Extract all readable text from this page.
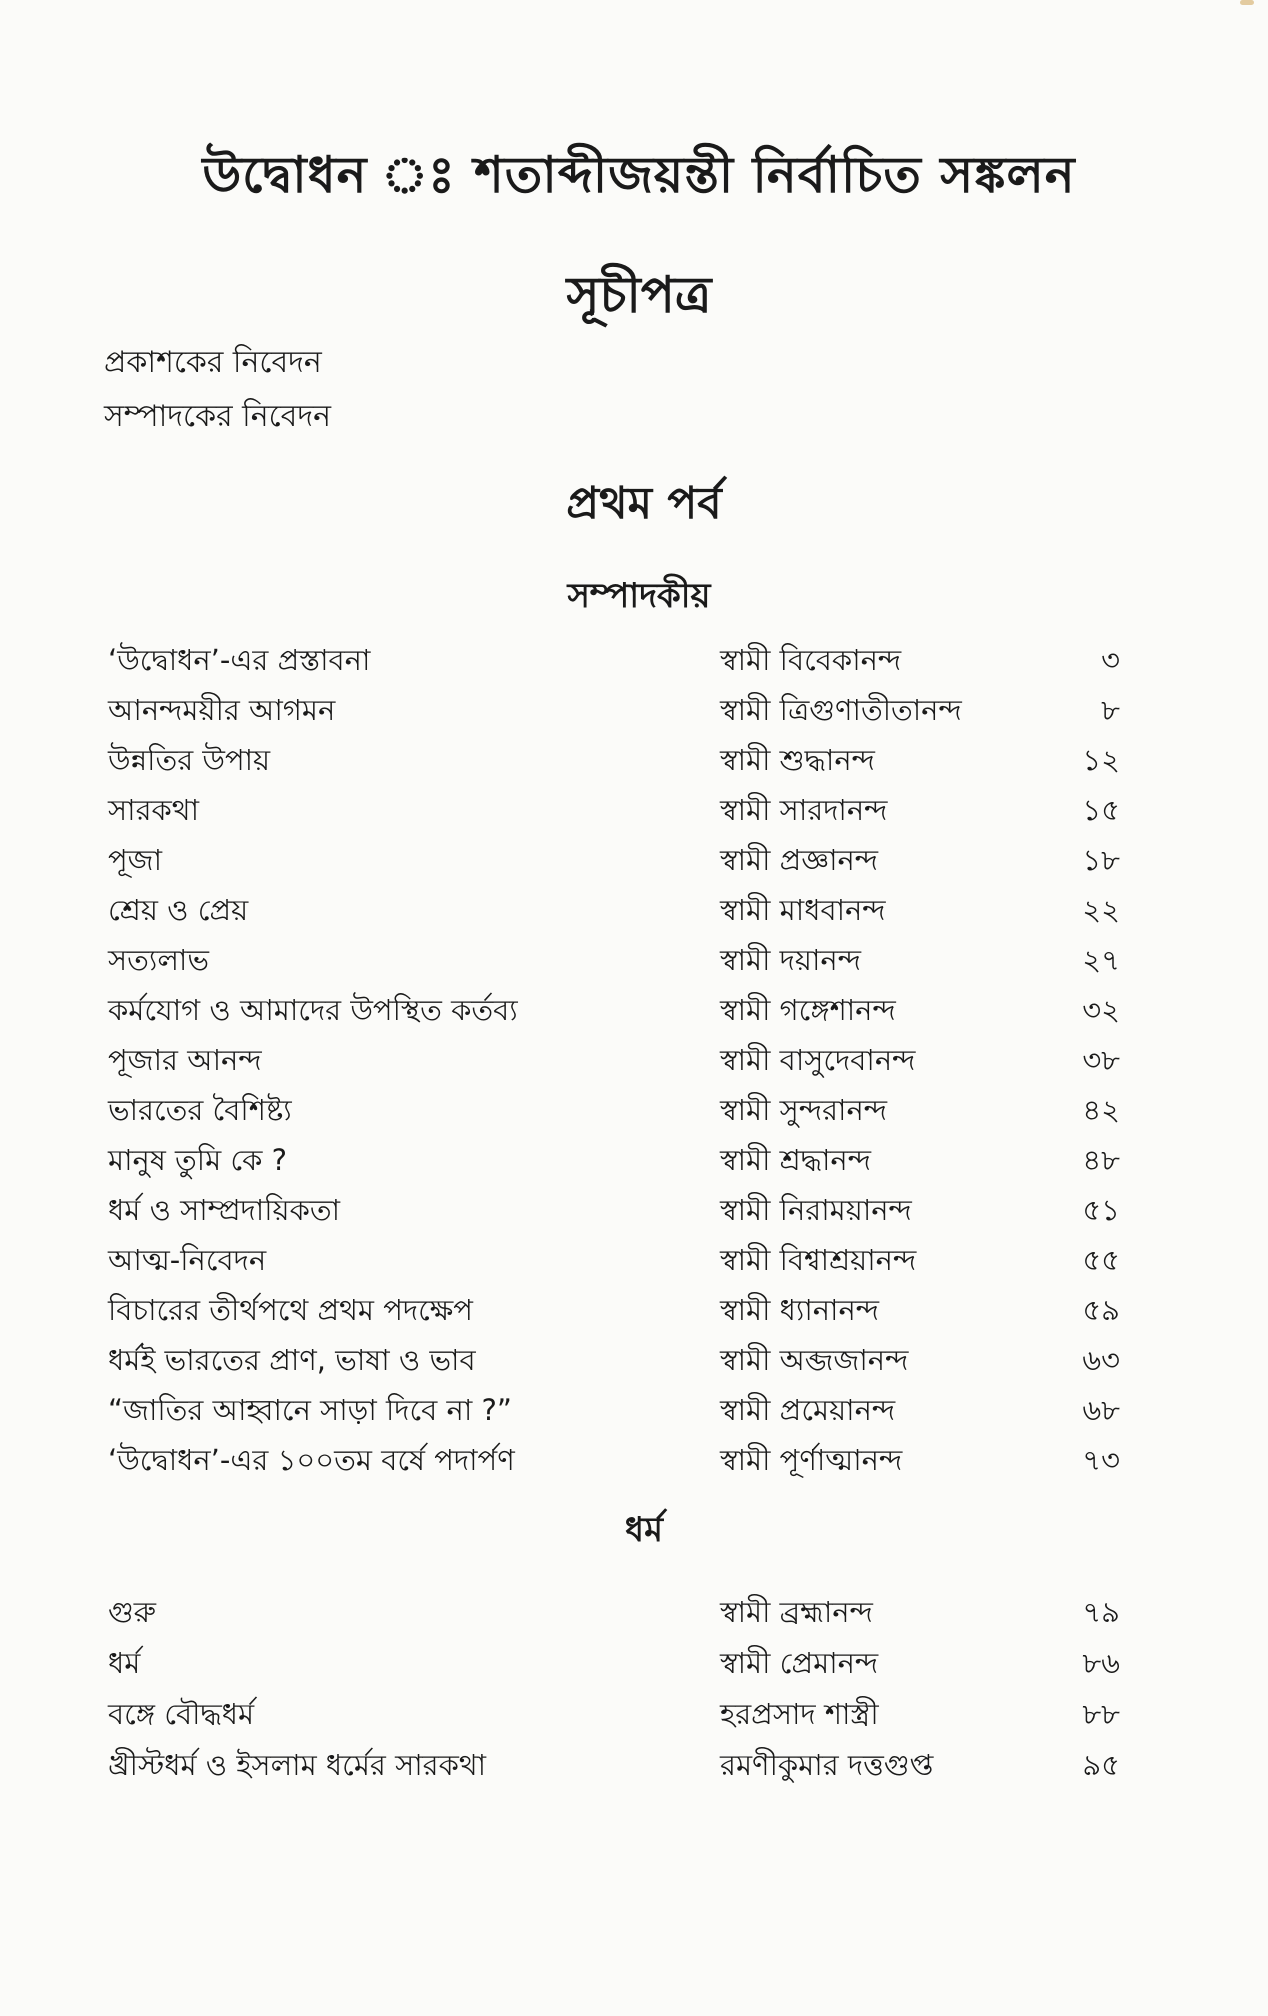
উদ্বোধন ঃ শতাব্দীজয়ন্তী নির্বাচিত সঙ্কলন
সূচীপত্র
প্রকাশকের নিবেদন
সম্পাদকের নিবেদন
প্রথম পর্ব
সম্পাদকীয়
‘উদ্বোধন’-এর প্রস্তাবনা	স্বামী বিবেকানন্দ	৩
আনন্দময়ীর আগমন	স্বামী ত্রিগুণাতীতানন্দ	৮
উন্নতির উপায়	স্বামী শুদ্ধানন্দ	১২
সারকথা	স্বামী সারদানন্দ	১৫
পূজা	স্বামী প্রজ্ঞানন্দ	১৮
শ্রেয় ও প্রেয়	স্বামী মাধবানন্দ	২২
সত্যলাভ	স্বামী দয়ানন্দ	২৭
কর্মযোগ ও আমাদের উপস্থিত কর্তব্য	স্বামী গঙ্গেশানন্দ	৩২
পূজার আনন্দ	স্বামী বাসুদেবানন্দ	৩৮
ভারতের বৈশিষ্ট্য	স্বামী সুন্দরানন্দ	৪২
মানুষ তুমি কে ?	স্বামী শ্রদ্ধানন্দ	৪৮
ধর্ম ও সাম্প্রদায়িকতা	স্বামী নিরাময়ানন্দ	৫১
আত্ম-নিবেদন	স্বামী বিশ্বাশ্রয়ানন্দ	৫৫
বিচারের তীর্থপথে প্রথম পদক্ষেপ	স্বামী ধ্যানানন্দ	৫৯
ধর্মই ভারতের প্রাণ, ভাষা ও ভাব	স্বামী অব্জজানন্দ	৬৩
“জাতির আহ্বানে সাড়া দিবে না ?”	স্বামী প্রমেয়ানন্দ	৬৮
‘উদ্বোধন’-এর ১০০তম বর্ষে পদার্পণ	স্বামী পূর্ণাত্মানন্দ	৭৩
ধর্ম
গুরু	স্বামী ব্রহ্মানন্দ	৭৯
ধর্ম	স্বামী প্রেমানন্দ	৮৬
বঙ্গে বৌদ্ধধর্ম	হরপ্রসাদ শাস্ত্রী	৮৮
খ্রীস্টধর্ম ও ইসলাম ধর্মের সারকথা	রমণীকুমার দত্তগুপ্ত	৯৫
